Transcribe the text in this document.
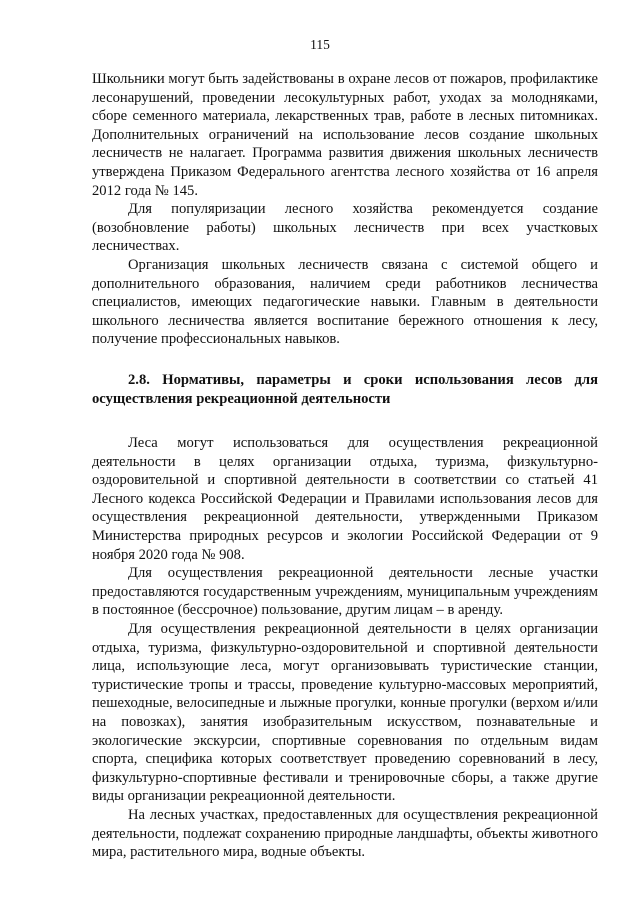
115

Школьники могут быть задействованы в охране лесов от пожаров, профилактике лесонарушений, проведении лесокультурных работ, уходах за молодняками, сборе семенного материала, лекарственных трав, работе в лесных питомниках. Дополнительных ограничений на использование лесов создание школьных лесничеств не налагает. Программа развития движения школьных лесничеств утверждена Приказом Федерального агентства лесного хозяйства от 16 апреля 2012 года № 145.

Для популяризации лесного хозяйства рекомендуется создание (возобновление работы) школьных лесничеств при всех участковых лесничествах.

Организация школьных лесничеств связана с системой общего и дополнительного образования, наличием среди работников лесничества специалистов, имеющих педагогические навыки. Главным в деятельности школьного лесничества является воспитание бережного отношения к лесу, получение профессиональных навыков.

2.8. Нормативы, параметры и сроки использования лесов для осуществления рекреационной деятельности

Леса могут использоваться для осуществления рекреационной деятельности в целях организации отдыха, туризма, физкультурно-оздоровительной и спортивной деятельности в соответствии со статьей 41 Лесного кодекса Российской Федерации и Правилами использования лесов для осуществления рекреационной деятельности, утвержденными Приказом Министерства природных ресурсов и экологии Российской Федерации от 9 ноября 2020 года № 908.

Для осуществления рекреационной деятельности лесные участки предоставляются государственным учреждениям, муниципальным учреждениям в постоянное (бессрочное) пользование, другим лицам – в аренду.

Для осуществления рекреационной деятельности в целях организации отдыха, туризма, физкультурно-оздоровительной и спортивной деятельности лица, использующие леса, могут организовывать туристические станции, туристические тропы и трассы, проведение культурно-массовых мероприятий, пешеходные, велосипедные и лыжные прогулки, конные прогулки (верхом и/или на повозках), занятия изобразительным искусством, познавательные и экологические экскурсии, спортивные соревнования по отдельным видам спорта, специфика которых соответствует проведению соревнований в лесу, физкультурно-спортивные фестивали и тренировочные сборы, а также другие виды организации рекреационной деятельности.

На лесных участках, предоставленных для осуществления рекреационной деятельности, подлежат сохранению природные ландшафты, объекты животного мира, растительного мира, водные объекты.
